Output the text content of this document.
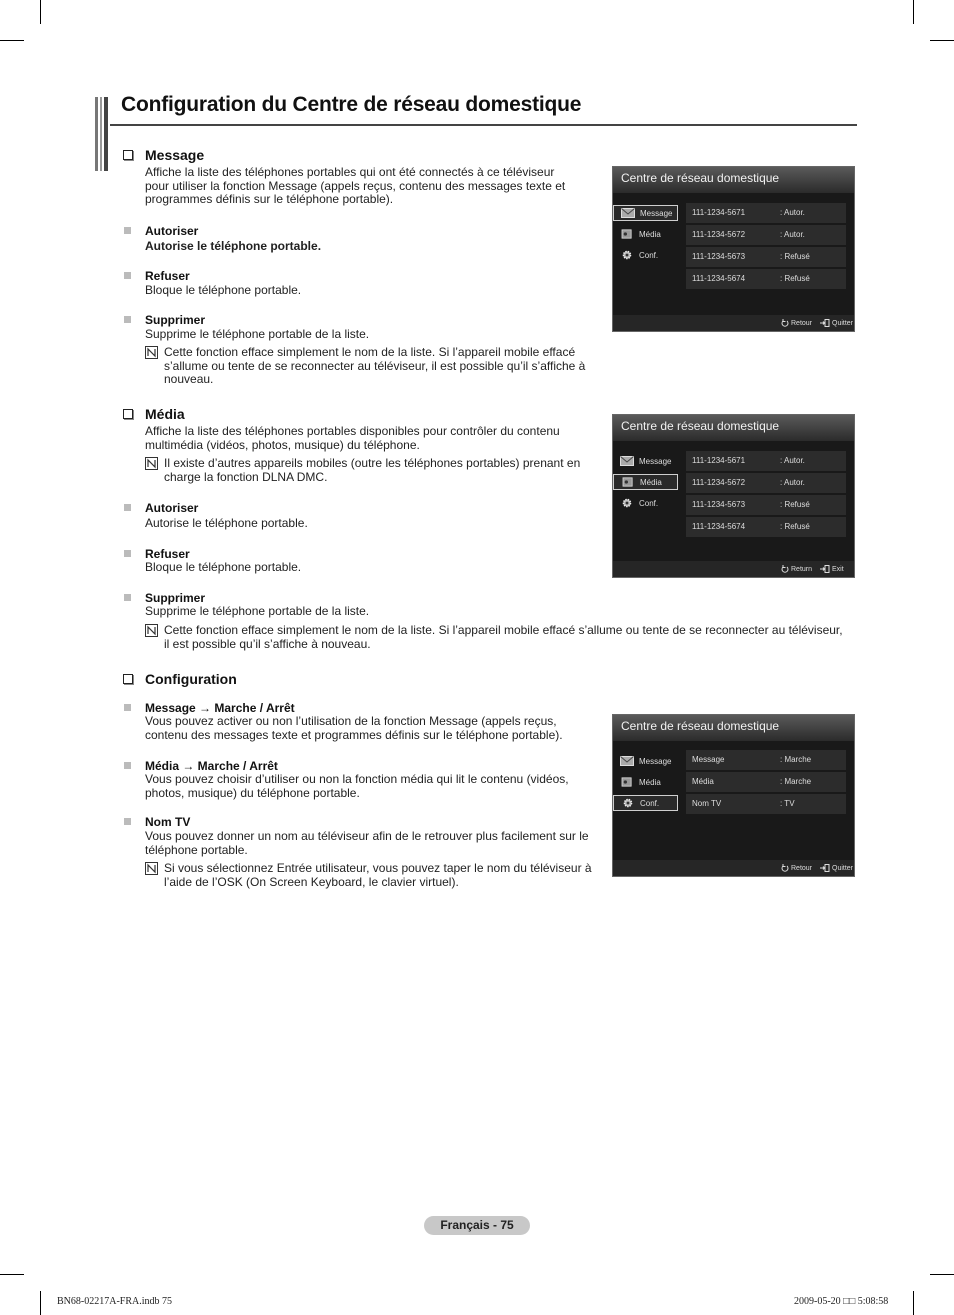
Configuration du Centre de réseau domestique
Message
Affiche la liste des téléphones portables qui ont été connectés à ce téléviseur
pour utiliser la fonction Message (appels reçus, contenu des messages texte et
programmes définis sur le téléphone portable).
Autoriser
Autorise le téléphone portable.
Refuser
Bloque le téléphone portable.
Supprimer
Supprime le téléphone portable de la liste.
Cette fonction efface simplement le nom de la liste. Si l’appareil mobile effacé
s’allume ou tente de se reconnecter au téléviseur, il est possible qu’il s’affiche à
nouveau.
Média
Affiche la liste des téléphones portables disponibles pour contrôler du contenu
multimédia (vidéos, photos, musique) du téléphone.
Il existe d’autres appareils mobiles (outre les téléphones portables) prenant en
charge la fonction DLNA DMC.
Autoriser
Autorise le téléphone portable.
Refuser
Bloque le téléphone portable.
Supprimer
Supprime le téléphone portable de la liste.
Cette fonction efface simplement le nom de la liste. Si l’appareil mobile effacé s’allume ou tente de se reconnecter au téléviseur,
il est possible qu’il s’affiche à nouveau.
Configuration
Message → Marche / Arrêt
Vous pouvez activer ou non l’utilisation de la fonction Message (appels reçus,
contenu des messages texte et programmes définis sur le téléphone portable).
Média → Marche / Arrêt
Vous pouvez choisir d’utiliser ou non la fonction média qui lit le contenu (vidéos,
photos, musique) du téléphone portable.
Nom TV
Vous pouvez donner un nom au téléviseur afin de le retrouver plus facilement sur le
téléphone portable.
Si vous sélectionnez Entrée utilisateur, vous pouvez taper le nom du téléviseur à
l’aide de l’OSK (On Screen Keyboard, le clavier virtuel).
Centre de réseau domestique
Message
Média
Conf.
111-1234-5671	: Autor.
111-1234-5672	: Autor.
111-1234-5673	: Refusé
111-1234-5674	: Refusé
Retour	Quitter
Centre de réseau domestique
Message
Média
Conf.
111-1234-5671	: Autor.
111-1234-5672	: Autor.
111-1234-5673	: Refusé
111-1234-5674	: Refusé
Return	Exit
Centre de réseau domestique
Message
Média
Conf.
Message	: Marche
Média	: Marche
Nom TV	: TV
Retour	Quitter
Français - 75
BN68-02217A-FRA.indb 75	2009-05-20 □□ 5:08:58
